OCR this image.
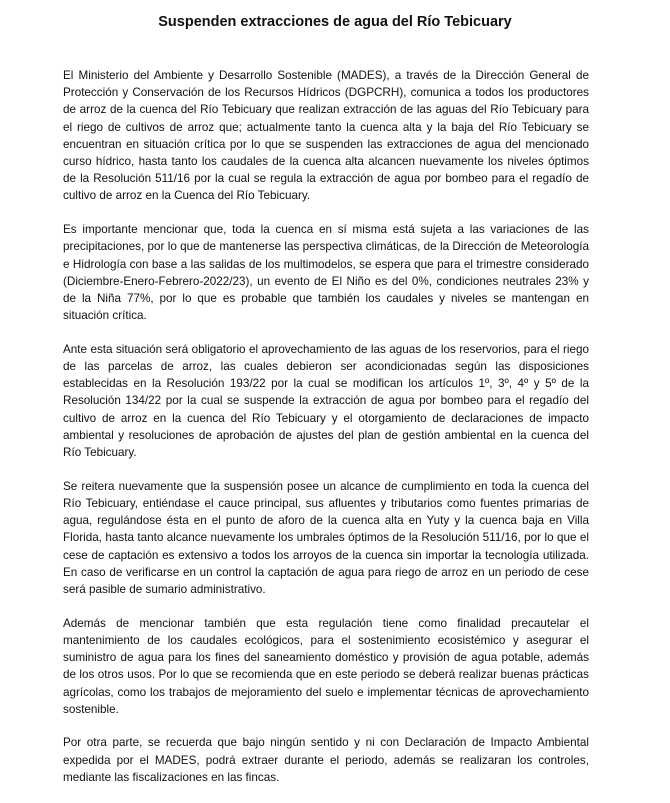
Suspenden extracciones de agua del Río Tebicuary

El Ministerio del Ambiente y Desarrollo Sostenible (MADES), a través de la Dirección General de Protección y Conservación de los Recursos Hídricos (DGPCRH), comunica a todos los productores de arroz de la cuenca del Río Tebicuary que realizan extracción de las aguas del Río Tebicuary para el riego de cultivos de arroz que; actualmente tanto la cuenca alta y la baja del Río Tebicuary se encuentran en situación crítica por lo que se suspenden las extracciones de agua del mencionado curso hídrico, hasta tanto los caudales de la cuenca alta alcancen nuevamente los niveles óptimos de la Resolución 511/16 por la cual se regula la extracción de agua por bombeo para el regadío de cultivo de arroz en la Cuenca del Río Tebicuary.

Es importante mencionar que, toda la cuenca en sí misma está sujeta a las variaciones de las precipitaciones, por lo que de mantenerse las perspectiva climáticas, de la Dirección de Meteorología e Hidrología con base a las salidas de los multimodelos, se espera que para el trimestre considerado (Diciembre-Enero-Febrero-2022/23), un evento de El Niño es del 0%, condiciones neutrales 23% y de la Niña 77%, por lo que es probable que también los caudales y niveles se mantengan en situación crítica.

Ante esta situación será obligatorio el aprovechamiento de las aguas de los reservorios, para el riego de las parcelas de arroz, las cuales debieron ser acondicionadas según las disposiciones establecidas en la Resolución 193/22 por la cual se modifican los artículos 1º, 3º, 4º y 5º de la Resolución 134/22 por la cual se suspende la extracción de agua por bombeo para el regadío del cultivo de arroz en la cuenca del Río Tebicuary y el otorgamiento de declaraciones de impacto ambiental y resoluciones de aprobación de ajustes del plan de gestión ambiental en la cuenca del Río Tebicuary.

Se reitera nuevamente que la suspensión posee un alcance de cumplimiento en toda la cuenca del Río Tebicuary, entiéndase el cauce principal, sus afluentes y tributarios como fuentes primarias de agua, regulándose ésta en el punto de aforo de la cuenca alta en Yuty y la cuenca baja en Villa Florida, hasta tanto alcance nuevamente los umbrales óptimos de la Resolución 511/16, por lo que el cese de captación es extensivo a todos los arroyos de la cuenca sin importar la tecnología utilizada. En caso de verificarse en un control la captación de agua para riego de arroz en un periodo de cese será pasible de sumario administrativo.

Además de mencionar también que esta regulación tiene como finalidad precautelar el mantenimiento de los caudales ecológicos, para el sostenimiento ecosistémico y asegurar el suministro de agua para los fines del saneamiento doméstico y provisión de agua potable, además de los otros usos. Por lo que se recomienda que en este periodo se deberá realizar buenas prácticas agrícolas, como los trabajos de mejoramiento del suelo e implementar técnicas de aprovechamiento sostenible.

Por otra parte, se recuerda que bajo ningún sentido y ni con Declaración de Impacto Ambiental expedida por el MADES, podrá extraer durante el periodo, además se realizaran los controles, mediante las fiscalizaciones en las fincas.
